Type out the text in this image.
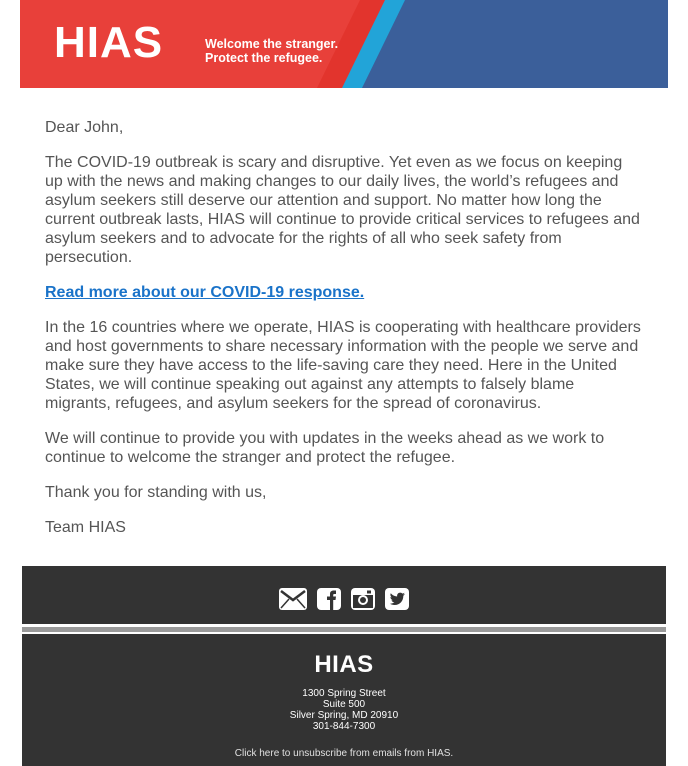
HIAS	Welcome the stranger.
Protect the refugee.

Dear John,

The COVID-19 outbreak is scary and disruptive. Yet even as we focus on keeping up with the news and making changes to our daily lives, the world’s refugees and asylum seekers still deserve our attention and support. No matter how long the current outbreak lasts, HIAS will continue to provide critical services to refugees and asylum seekers and to advocate for the rights of all who seek safety from persecution.

Read more about our COVID-19 response.

In the 16 countries where we operate, HIAS is cooperating with healthcare providers and host governments to share necessary information with the people we serve and make sure they have access to the life-saving care they need. Here in the United States, we will continue speaking out against any attempts to falsely blame migrants, refugees, and asylum seekers for the spread of coronavirus.

We will continue to provide you with updates in the weeks ahead as we work to continue to welcome the stranger and protect the refugee.

Thank you for standing with us,

Team HIAS

HIAS
1300 Spring Street
Suite 500
Silver Spring, MD 20910
301-844-7300
Click here to unsubscribe from emails from HIAS.
